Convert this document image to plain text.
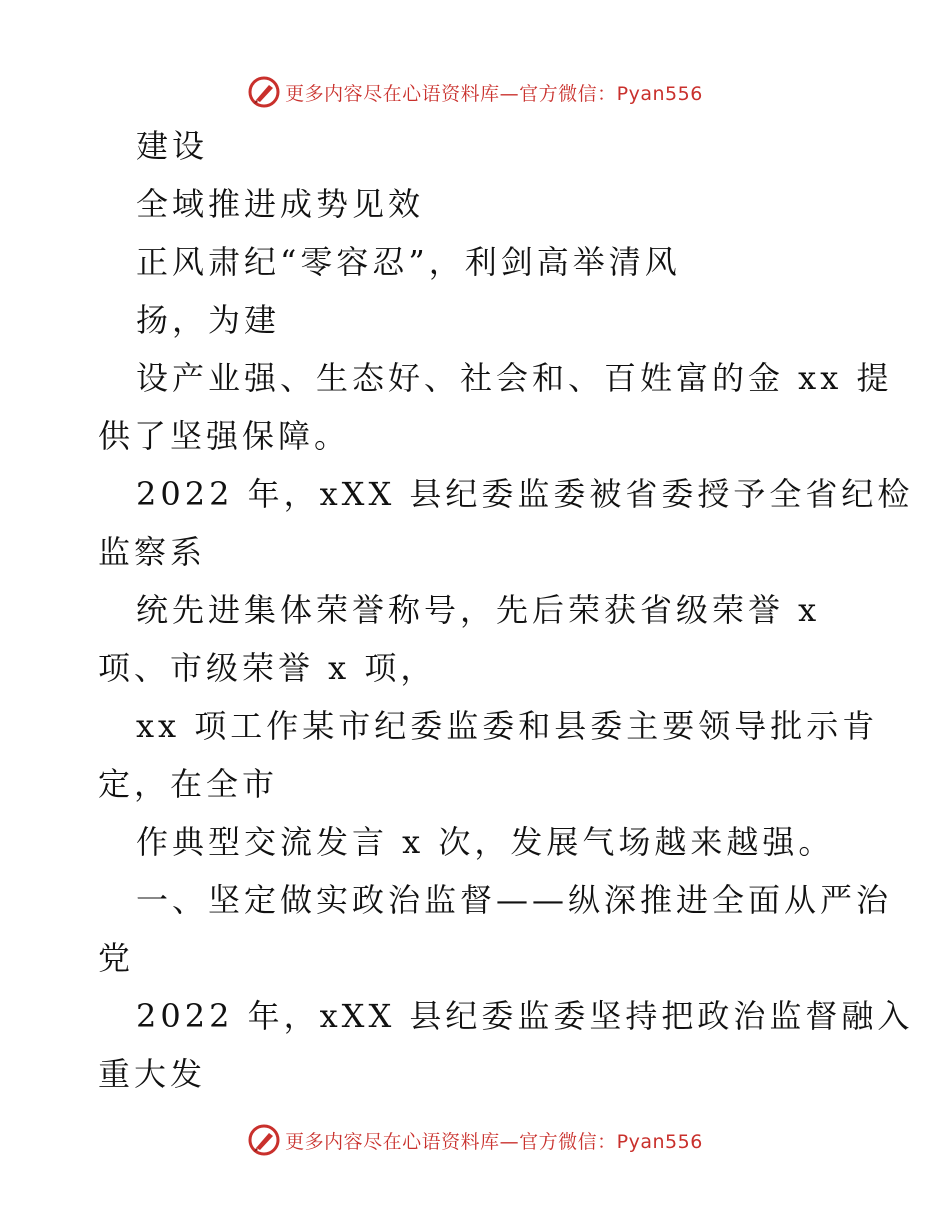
更多内容尽在心语资料库—官方微信：Pyan556
建设
全域推进成势见效
正风肃纪“零容忍”，利剑高举清风
扬，为建
设产业强、生态好、社会和、百姓富的金 xx 提
供了坚强保障。
2022 年，xXX 县纪委监委被省委授予全省纪检
监察系
统先进集体荣誉称号，先后荣获省级荣誉 x
项、市级荣誉 x 项，
xx 项工作某市纪委监委和县委主要领导批示肯
定，在全市
作典型交流发言 x 次，发展气场越来越强。
一、坚定做实政治监督——纵深推进全面从严治
党
2022 年，xXX 县纪委监委坚持把政治监督融入
重大发
更多内容尽在心语资料库—官方微信：Pyan556
